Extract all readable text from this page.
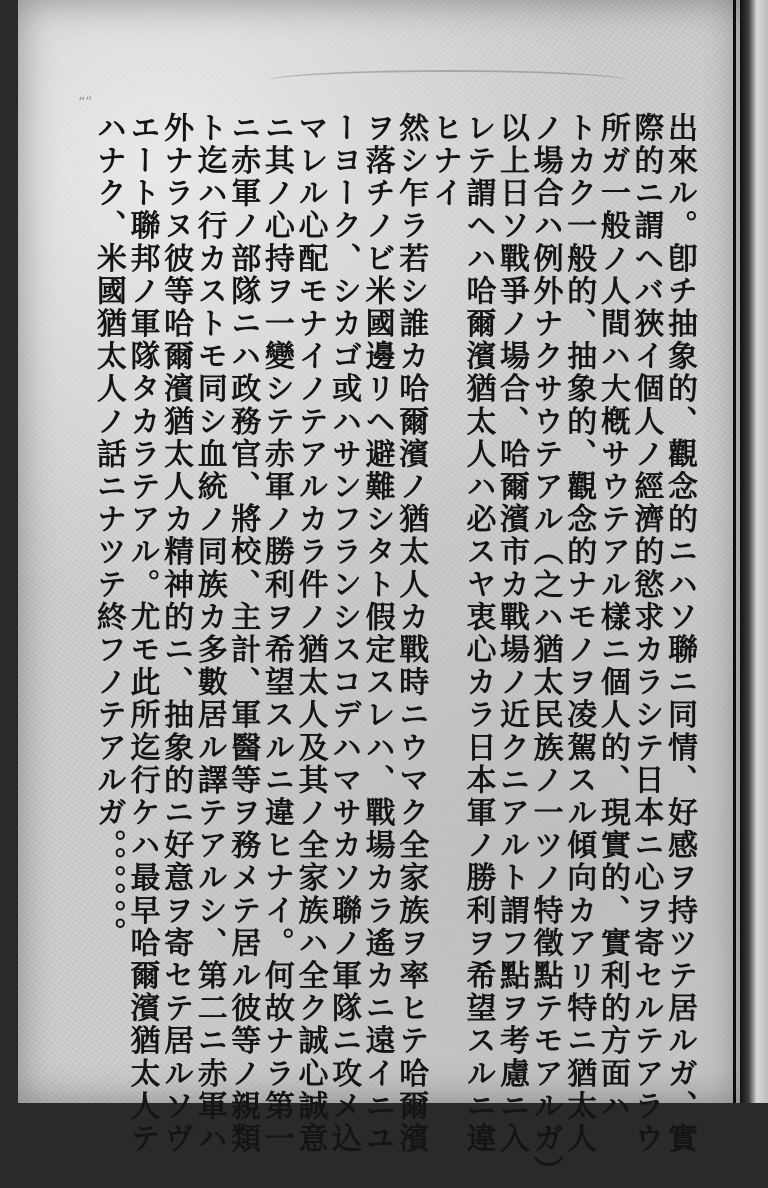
“”
出來ル。卽チ抽象的、觀念的ニハソ聯ニ同情、好感ヲ持ツテ居ルガ、實
際的ニ謂ヘバ狹イ個人ノ經濟的慾求カラシテ日本ニ心ヲ寄セルテアラウ
所ガ一般ノ人間ハ大槪サウテアル樣ニ個人的、現實的、實利的方面ハ
トカク一般的、抽象的、觀念的ナモノヲ凌駕スル傾向カアリ特ニ猶太人
ノ場合ハ例外ナクサウテアル（之ハ猶太民族ノ一ツノ特徵點テモアルガ）
以上日ソ戰爭ノ場合、哈爾濱市カ戰場ノ近クニアルト謂フ點ヲ考慮ニ入
レテ謂ヘハ哈爾濱猶太人ハ必スヤ衷心カラ日本軍ノ勝利ヲ希望スルニ違
ヒナイ
然シ乍ラ若シ誰カ哈爾濱ノ猶太人カ戰時ニウマク全家族ヲ率ヒテ哈爾濱
ヲ落チノビ米國邊リヘ避難シタト假定スレハ、戰場カラ遙カニ遠イニユ
ーヨーク、シカゴ或ハサンフランシスコデハマサカソ聯ノ軍隊ニ攻メ込
マレル心配モナイノテアルカラ件ノ猶太人及其ノ全家族ハ全ク誠心誠意
ニ其ノ心持ヲ一變シテ赤軍ノ勝利ヲ希望スルニ違ヒナイ。何故ナラ第一
ニ赤軍ノ部隊ニハ政務官、將校、主計、軍醫等ヲ務メテ居ル彼等ノ親類
ト迄ハ行カストモ同シ血統ノ同族カ多數居ル譯テアルシ、第二ニ赤軍ハ
外ナラヌ彼等哈爾濱猶太人カ精神的ニ、抽象的ニ好意ヲ寄セテ居ルソヴ
エート聯邦ノ軍隊タカラテアル。尤モ此所迄行ケハ最早哈爾濱猶太人テ
ハナク、米國猶太人ノ話ニナツテ終フノテアルガ。。。。。。
